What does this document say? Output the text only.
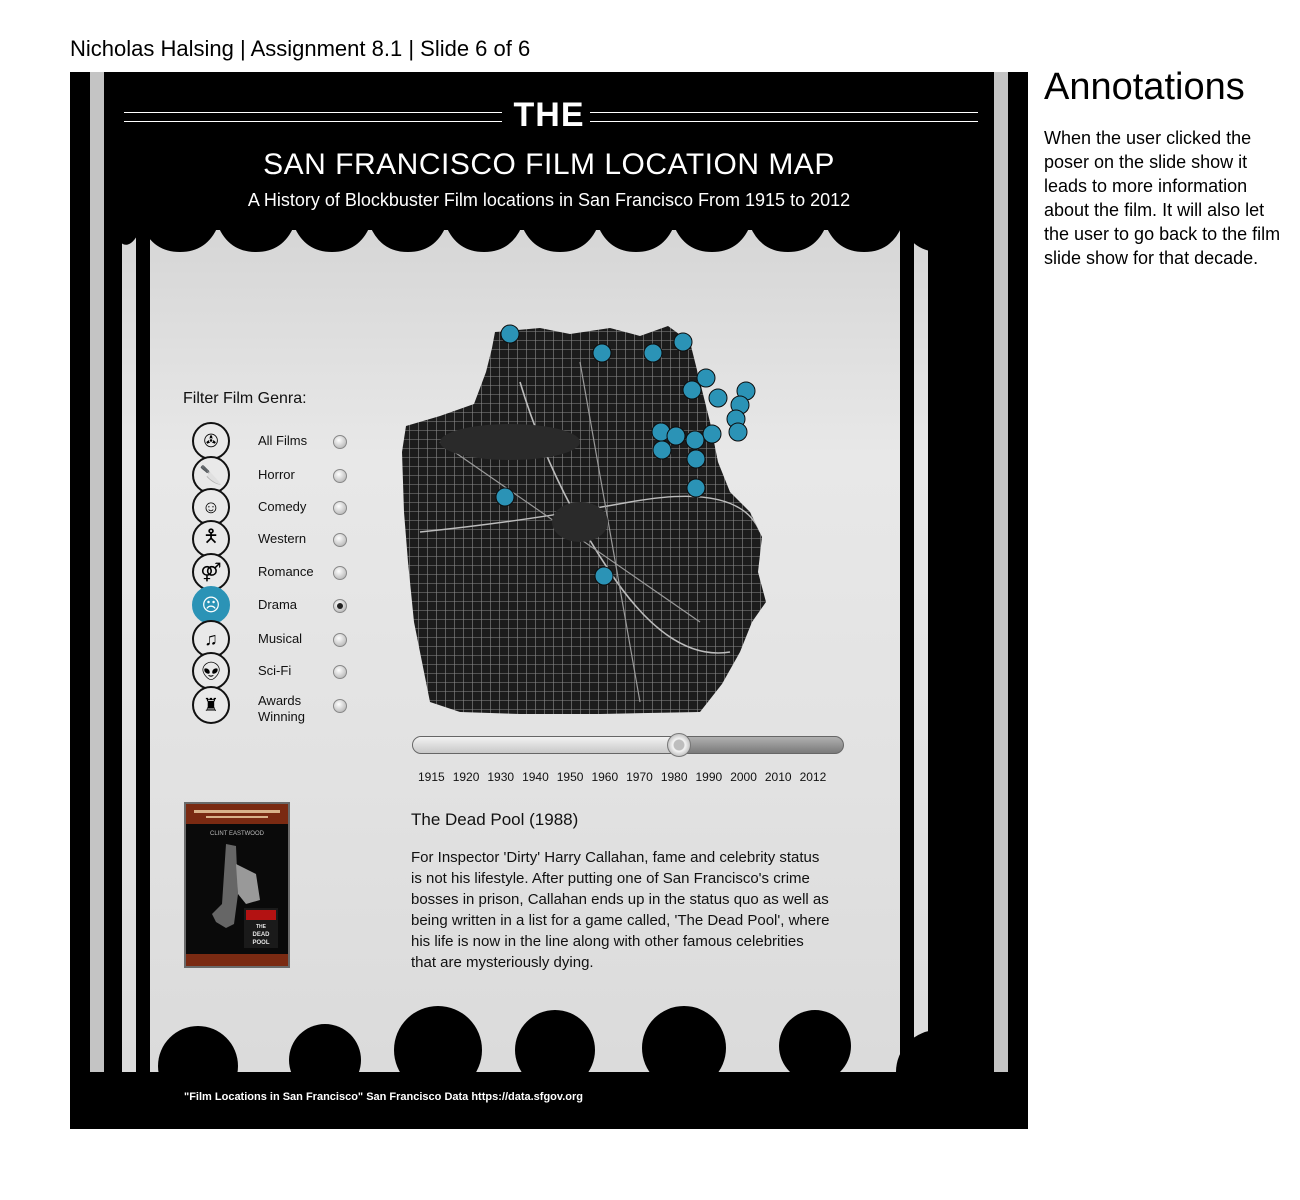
Nicholas Halsing | Assignment 8.1 | Slide 6 of 6
Annotations

When the user clicked the poser on the slide show it leads to more information about the film. It will also let the user to go back to the film slide show for that decade.

THE
SAN FRANCISCO FILM LOCATION MAP
A History of Blockbuster Film locations in San Francisco From 1915 to 2012
Filter Film Genra:
✇	All Films
🔪	Horror
☺	Comedy
🯅	Western
⚤	Romance
☹	Drama
♫	Musical
👽︎	Sci-Fi
♜	Awards Winning
1915 1920 1930 1940 1950 1960 1970 1980 1990 2000 2010 2012
CLINT EASTWOOD
THE
DEAD
POOL
The Dead Pool (1988)
For Inspector 'Dirty' Harry Callahan, fame and celebrity status is not his lifestyle. After putting one of San Francisco's crime bosses in prison, Callahan ends up in the status quo as well as being written in a list for a game called, 'The Dead Pool', where his life is now in the line along with other famous celebrities that are mysteriously dying.
"Film Locations in San Francisco" San Francisco Data https://data.sfgov.org
